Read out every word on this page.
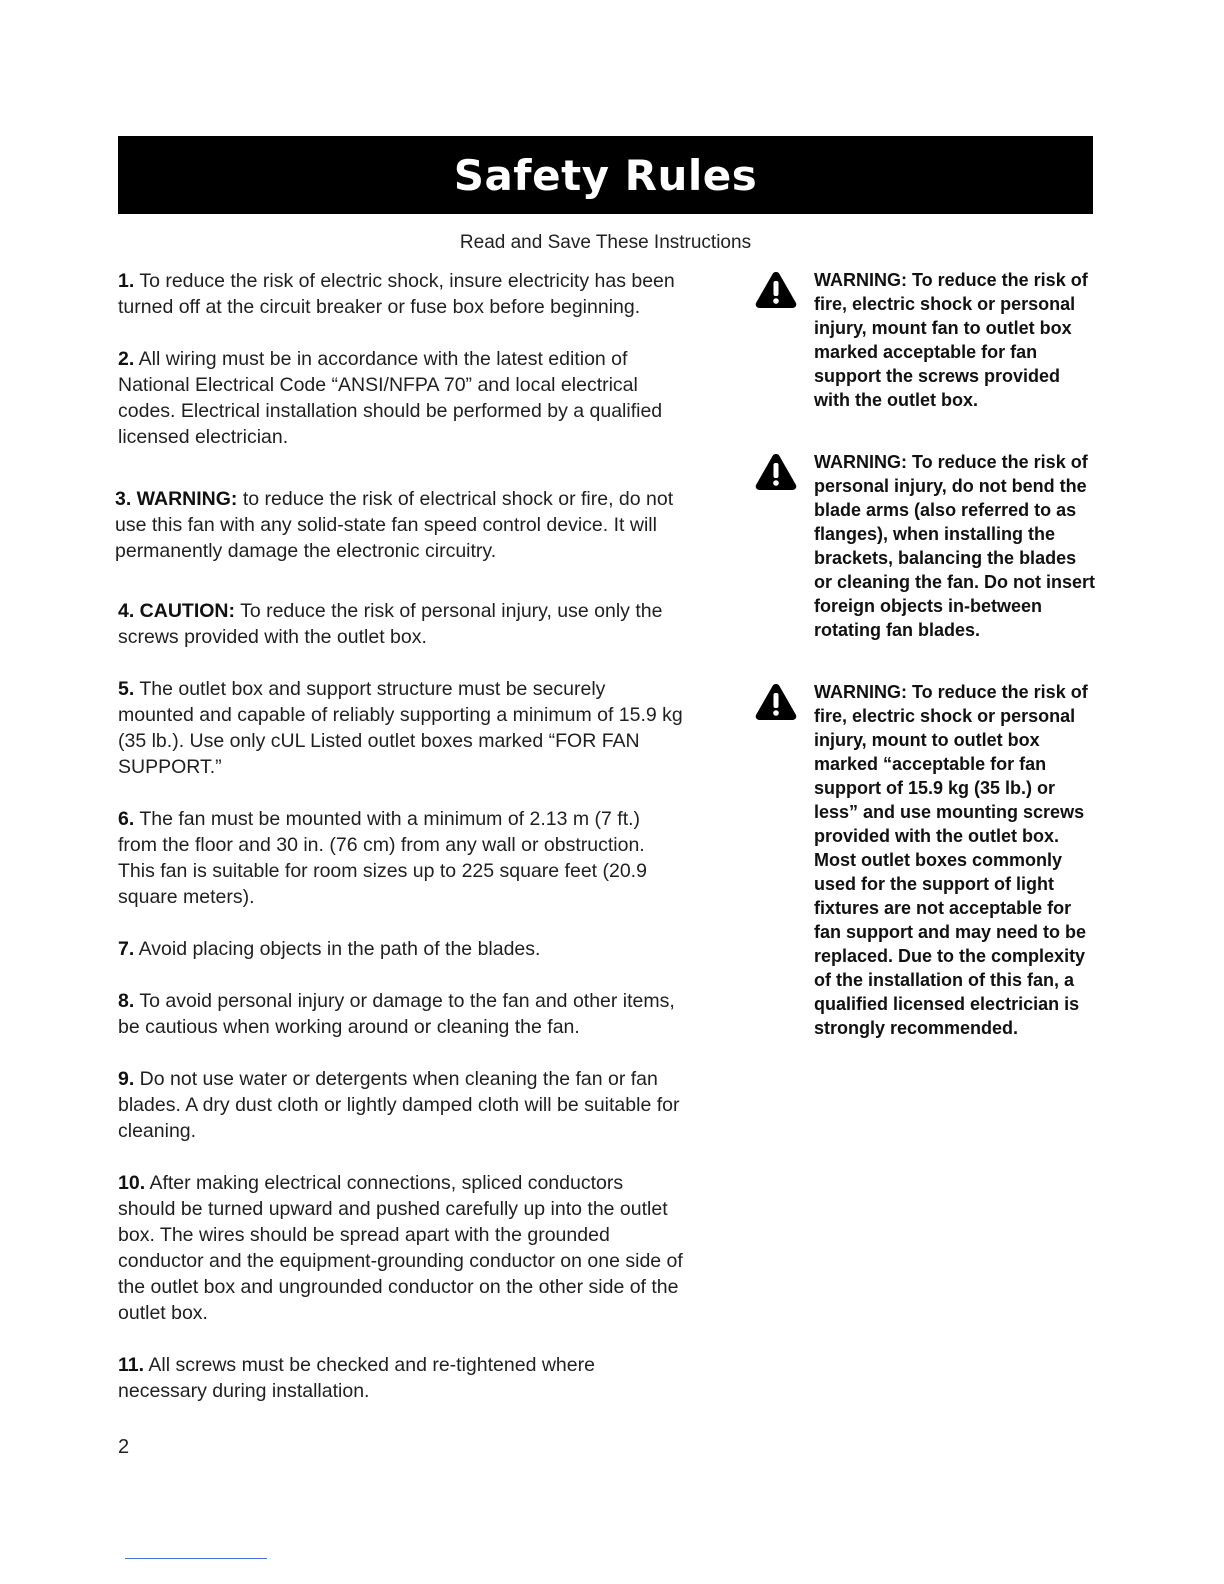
Safety Rules
Read and Save These Instructions

1. To reduce the risk of electric shock, insure electricity has been turned off at the circuit breaker or fuse box before beginning.

2. All wiring must be in accordance with the latest edition of National Electrical Code “ANSI/NFPA 70” and local electrical codes. Electrical installation should be performed by a qualified licensed electrician.

3. WARNING: to reduce the risk of electrical shock or fire, do not use this fan with any solid-state fan speed control device. It will permanently damage the electronic circuitry.

4. CAUTION: To reduce the risk of personal injury, use only the screws provided with the outlet box.

5. The outlet box and support structure must be securely mounted and capable of reliably supporting a minimum of 15.9 kg (35 lb.). Use only cUL Listed outlet boxes marked “FOR FAN SUPPORT.”

6. The fan must be mounted with a minimum of 2.13 m (7 ft.) from the floor and 30 in. (76 cm) from any wall or obstruction. This fan is suitable for room sizes up to 225 square feet (20.9 square meters).

7. Avoid placing objects in the path of the blades.

8. To avoid personal injury or damage to the fan and other items, be cautious when working around or cleaning the fan.

9. Do not use water or detergents when cleaning the fan or fan blades. A dry dust cloth or lightly damped cloth will be suitable for cleaning.

10. After making electrical connections, spliced conductors should be turned upward and pushed carefully up into the outlet box. The wires should be spread apart with the grounded conductor and the equipment-grounding conductor on one side of the outlet box and ungrounded conductor on the other side of the outlet box.

11. All screws must be checked and re-tightened where necessary during installation.

WARNING: To reduce the risk of fire, electric shock or personal injury, mount fan to outlet box marked acceptable for fan support the screws provided with the outlet box.

WARNING: To reduce the risk of personal injury, do not bend the blade arms (also referred to as flanges), when installing the brackets, balancing the blades or cleaning the fan. Do not insert foreign objects in-between rotating fan blades.

WARNING: To reduce the risk of fire, electric shock or personal injury, mount to outlet box marked “acceptable for fan support of 15.9 kg (35 lb.) or less” and use mounting screws provided with the outlet box. Most outlet boxes commonly used for the support of light fixtures are not acceptable for fan support and may need to be replaced. Due to the complexity of the installation of this fan, a qualified licensed electrician is strongly recommended.

2
